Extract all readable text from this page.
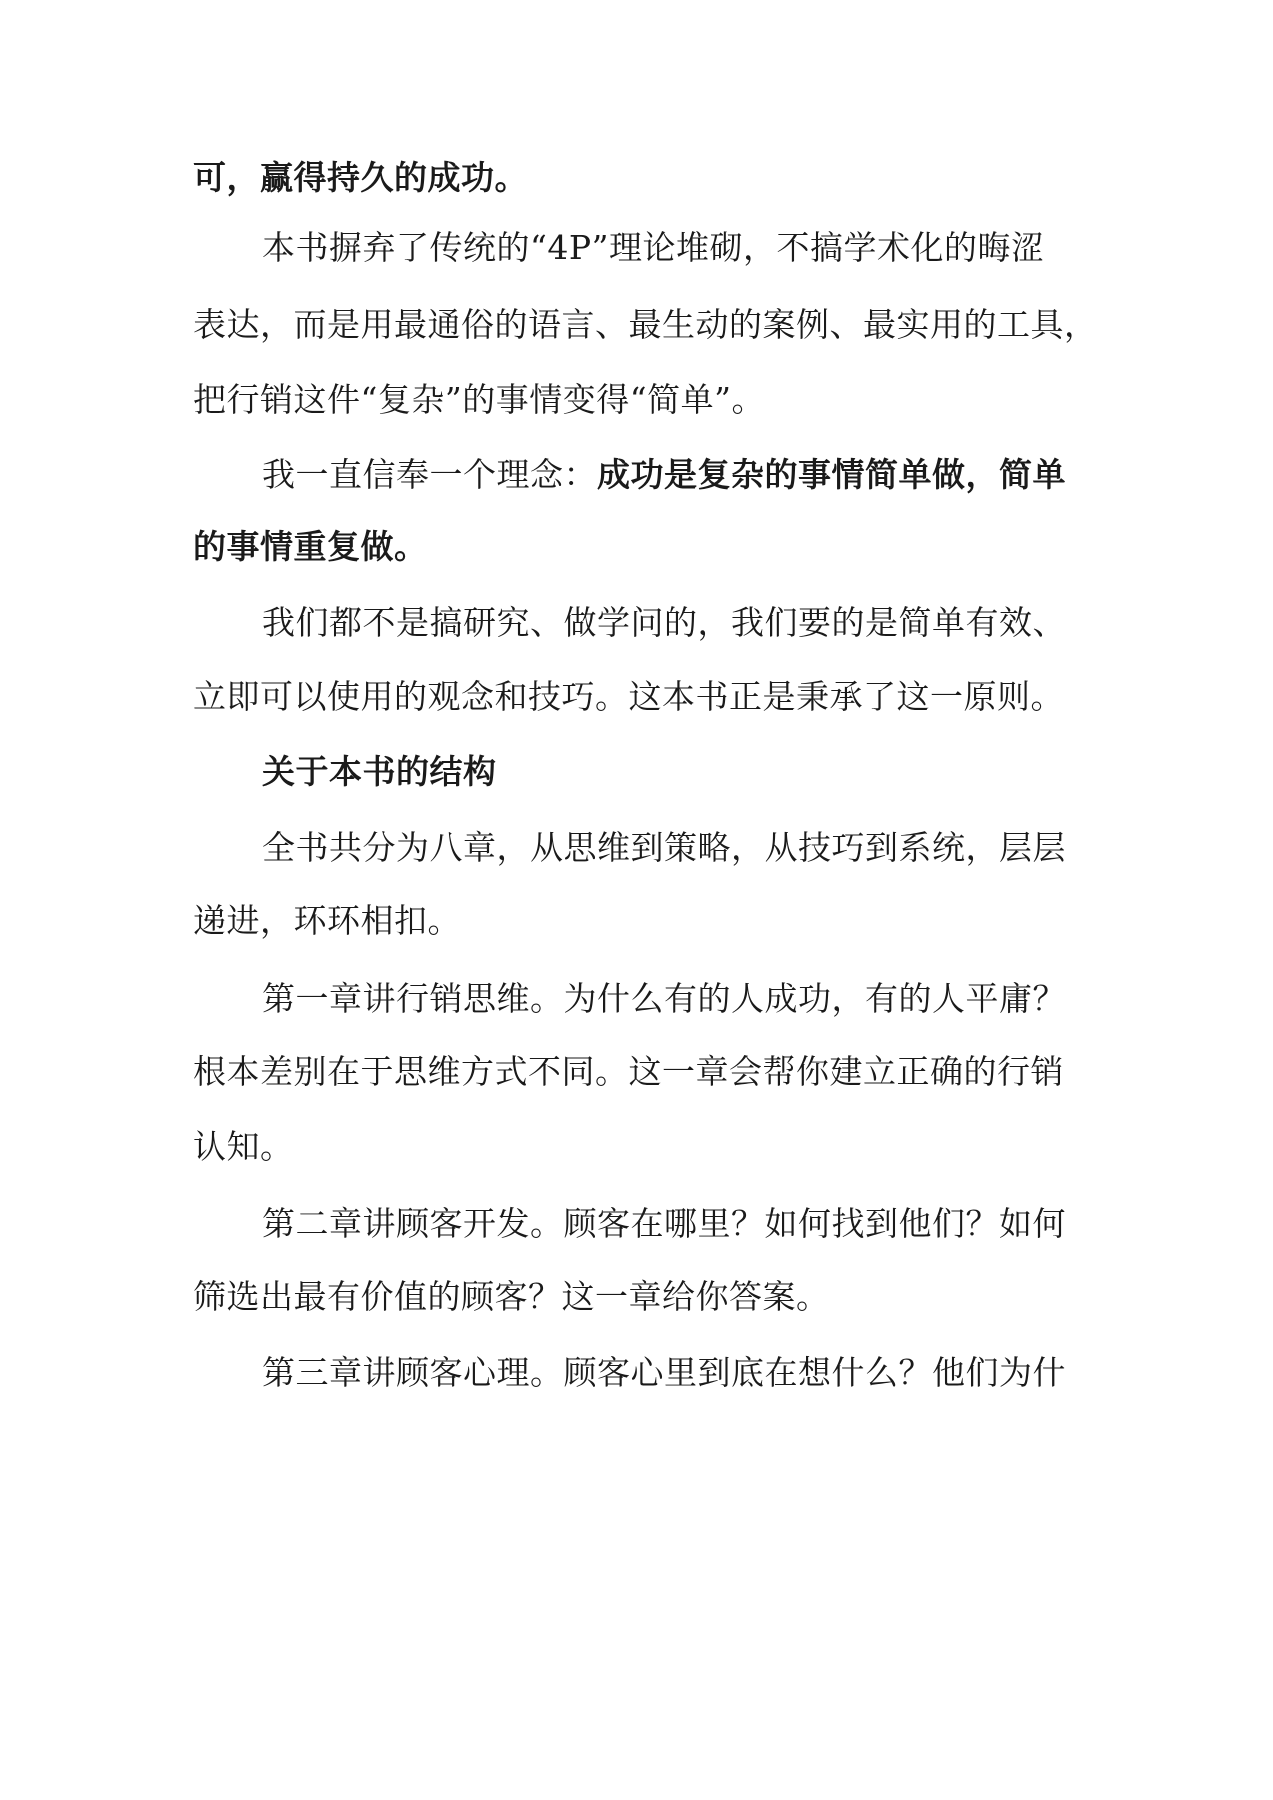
可，赢得持久的成功。
本书摒弃了传统的“4P”理论堆砌，不搞学术化的晦涩
表达，而是用最通俗的语言、最生动的案例、最实用的工具，
把行销这件“复杂”的事情变得“简单”。
我一直信奉一个理念：成功是复杂的事情简单做，简单
的事情重复做。
我们都不是搞研究、做学问的，我们要的是简单有效、
立即可以使用的观念和技巧。这本书正是秉承了这一原则。
关于本书的结构
全书共分为八章，从思维到策略，从技巧到系统，层层
递进，环环相扣。
第一章讲行销思维。为什么有的人成功，有的人平庸？
根本差别在于思维方式不同。这一章会帮你建立正确的行销
认知。
第二章讲顾客开发。顾客在哪里？如何找到他们？如何
筛选出最有价值的顾客？这一章给你答案。
第三章讲顾客心理。顾客心里到底在想什么？他们为什
